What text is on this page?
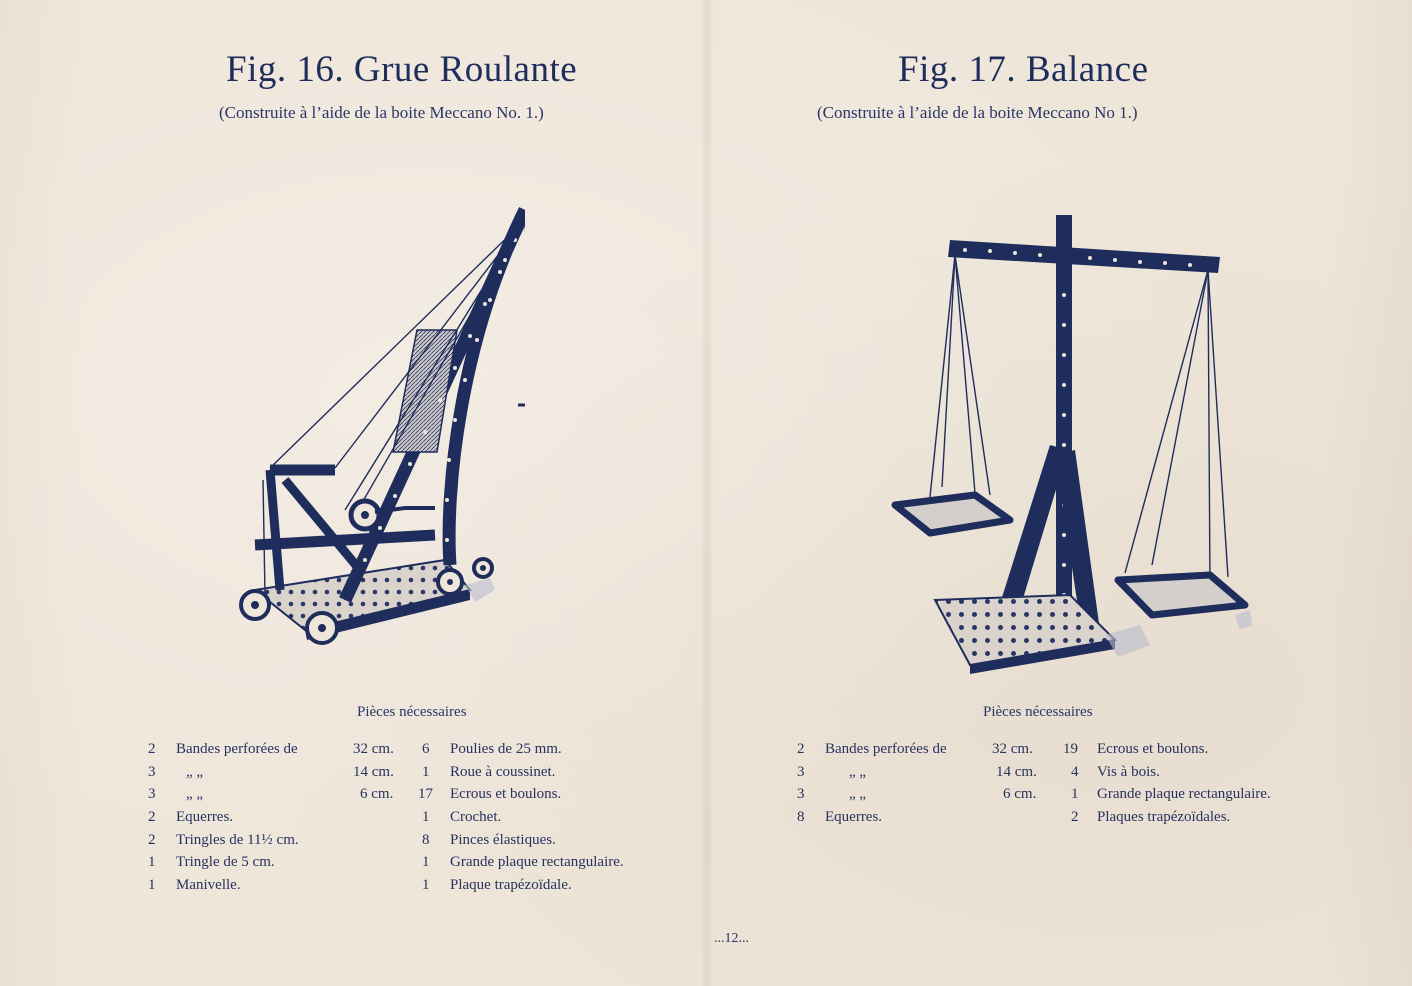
Fig. 16. Grue Roulante
(Construite à l’aide de la boite Meccano No. 1.)
Pièces nécessaires
2 Bandes perforées de	32 cm. 6 Poulies de 25 mm.
3 „ „	14 cm. 1 Roue à coussinet.
3 „ „	6 cm. 17 Ecrous et boulons.
2 Equerres.	1 Crochet.
2 Tringles de 11½ cm.	8 Pinces élastiques.
1 Tringle de 5 cm.	1 Grande plaque rectangulaire.
1 Manivelle.	1 Plaque trapézoïdale.
Fig. 17. Balance
(Construite à l’aide de la boite Meccano No 1.)
Pièces nécessaires
2 Bandes perforées de	32 cm. 19 Ecrous et boulons.
3	„ „	14 cm. 4 Vis à bois.
3	„ „	6 cm. 1 Grande plaque rectangulaire.
8 Equerres.	2 Plaques trapézoïdales.
...12...
